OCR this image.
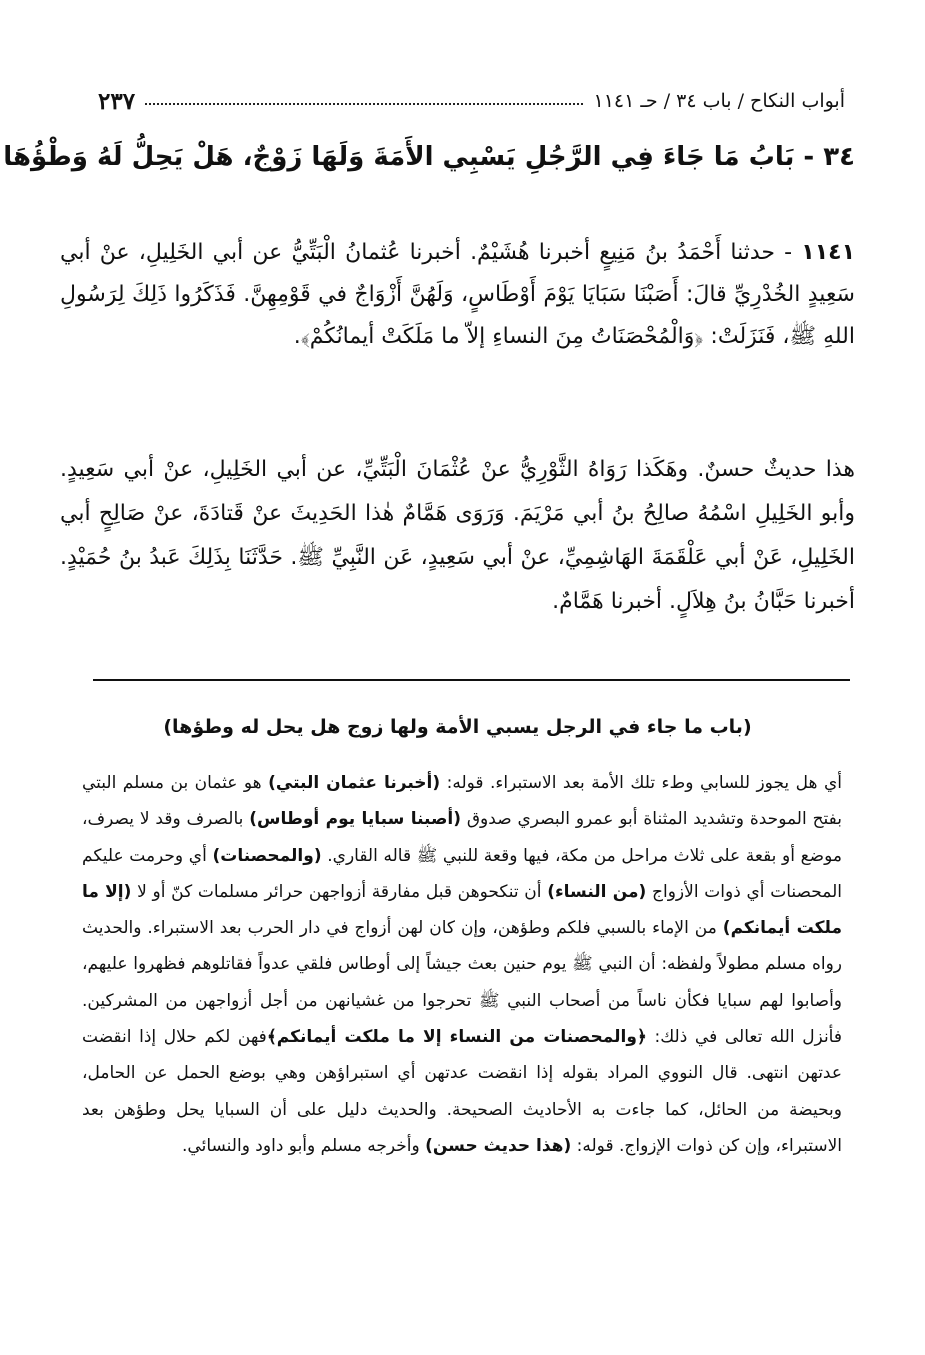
٢٣٧	أبواب النكاح / باب ٣٤ / حـ ١١٤١
٣٤ - بَابُ مَا جَاءَ فِي الرَّجُلِ يَسْبِي الأَمَةَ وَلَهَا زَوْجٌ، هَلْ يَحِلُّ لَهُ وَطْؤُهَا
١١٤١ - حدثنا أَحْمَدُ بنُ مَنِيعٍ أخبرنا هُشَيْمٌ. أخبرنا عُثمانُ الْبَتِّيُّ عن أبي الخَلِيلِ، عنْ أبي سَعِيدٍ الخُدْرِيِّ قالَ: أَصَبْنَا سَبَايَا يَوْمَ أَوْطَاسٍ، وَلَهُنَّ أَزْوَاجٌ في قَوْمِهِنَّ. فَذَكَرُوا ذَلِكَ لِرَسُولِ اللهِ ﷺ، فَنَزَلَتْ: ﴿وَالْمُحْصَنَاتُ مِنَ النساءِ إلاّ ما مَلَكَتْ أيمانُكُمْ﴾.
هذا حديثٌ حسنٌ. وهَكَذا رَوَاهُ الثَّوْرِيُّ عنْ عُثْمَانَ الْبَتِّيِّ، عن أبي الخَلِيلِ، عنْ أبي سَعِيدٍ. وأبو الخَلِيلِ اسْمُهُ صالِحُ بنُ أبي مَرْيَمَ. وَرَوَى هَمَّامٌ هٰذا الحَدِيثَ عنْ قَتادَةَ، عنْ صَالِحٍ أبي الخَلِيلِ، عَنْ أبي عَلْقَمَةَ الهَاشِمِيِّ، عنْ أبي سَعِيدٍ، عَن النَّبِيِّ ﷺ. حَدَّثَنَا بِذَلِكَ عَبدُ بنُ حُمَيْدٍ. أخبرنا حَبَّانُ بنُ هِلاَلٍ. أخبرنا هَمَّامٌ.
(باب ما جاء في الرجل يسبي الأمة ولها زوج هل يحل له وطؤها)
أي هل يجوز للسابي وطء تلك الأمة بعد الاستبراء. قوله: (أخبرنا عثمان البتي) هو عثمان بن مسلم البتي بفتح الموحدة وتشديد المثناة أبو عمرو البصري صدوق (أصبنا سبايا يوم أوطاس) بالصرف وقد لا يصرف، موضع أو بقعة على ثلاث مراحل من مكة، فيها وقعة للنبي ﷺ قاله القاري. (والمحصنات) أي وحرمت عليكم المحصنات أي ذوات الأزواج (من النساء) أن تنكحوهن قبل مفارقة أزواجهن حرائر مسلمات كنّ أو لا (إلا ما ملكت أيمانكم) من الإماء بالسبي فلكم وطؤهن، وإن كان لهن أزواج في دار الحرب بعد الاستبراء. والحديث رواه مسلم مطولاً ولفظه: أن النبي ﷺ يوم حنين بعث جيشاً إلى أوطاس فلقي عدواً فقاتلوهم فظهروا عليهم، وأصابوا لهم سبايا فكأن ناساً من أصحاب النبي ﷺ تحرجوا من غشيانهن من أجل أزواجهن من المشركين. فأنزل الله تعالى في ذلك: ﴿والمحصنات من النساء إلا ما ملكت أيمانكم﴾فهن لكم حلال إذا انقضت عدتهن انتهى. قال النووي المراد بقوله إذا انقضت عدتهن أي استبراؤهن وهي بوضع الحمل عن الحامل، وبحيضة من الحائل، كما جاءت به الأحاديث الصحيحة. والحديث دليل على أن السبايا يحل وطؤهن بعد الاستبراء، وإن كن ذوات الإزواج. قوله: (هذا حديث حسن) وأخرجه مسلم وأبو داود والنسائي.
